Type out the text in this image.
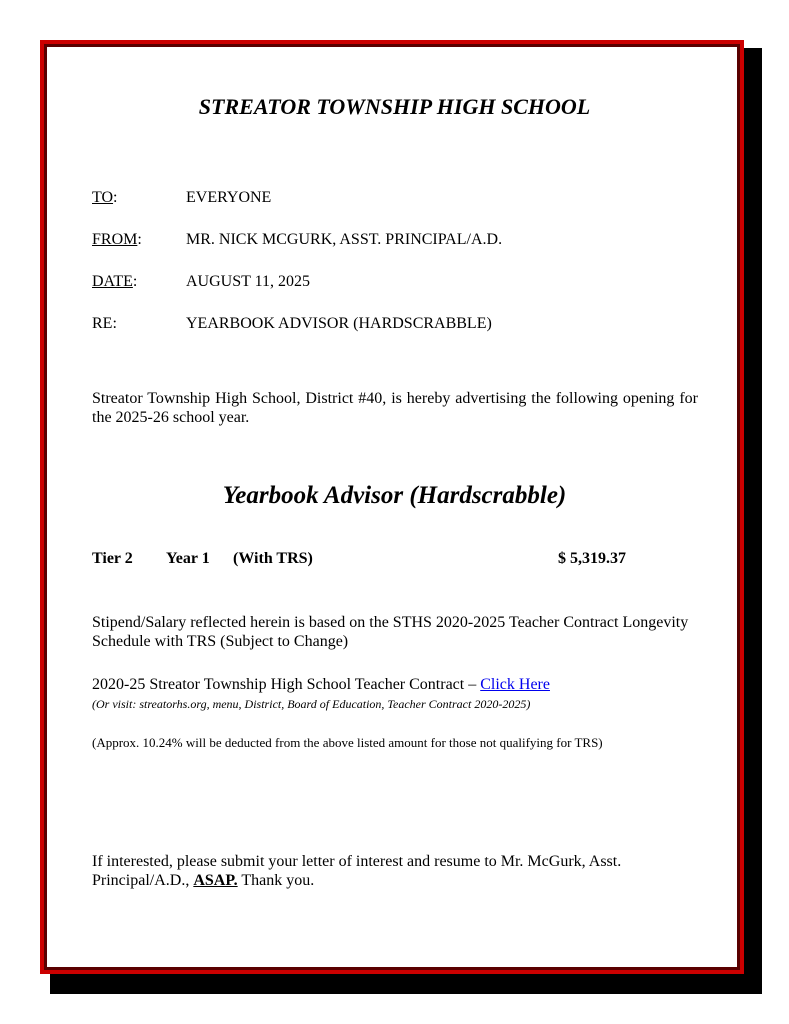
STREATOR TOWNSHIP HIGH SCHOOL
TO:	EVERYONE
FROM:	MR. NICK MCGURK, ASST. PRINCIPAL/A.D.
DATE:	AUGUST 11, 2025
RE:	YEARBOOK ADVISOR (HARDSCRABBLE)
Streator Township High School, District #40, is hereby advertising the following opening for the 2025-26 school year.
Yearbook Advisor (Hardscrabble)
Tier 2 Year 1 (With TRS)	$ 5,319.37
Stipend/Salary reflected herein is based on the STHS 2020-2025 Teacher Contract Longevity Schedule with TRS (Subject to Change)
2020-25 Streator Township High School Teacher Contract – Click Here
(Or visit: streatorhs.org, menu, District, Board of Education, Teacher Contract 2020-2025)
(Approx. 10.24% will be deducted from the above listed amount for those not qualifying for TRS)
If interested, please submit your letter of interest and resume to Mr. McGurk, Asst. Principal/A.D., ASAP. Thank you.
